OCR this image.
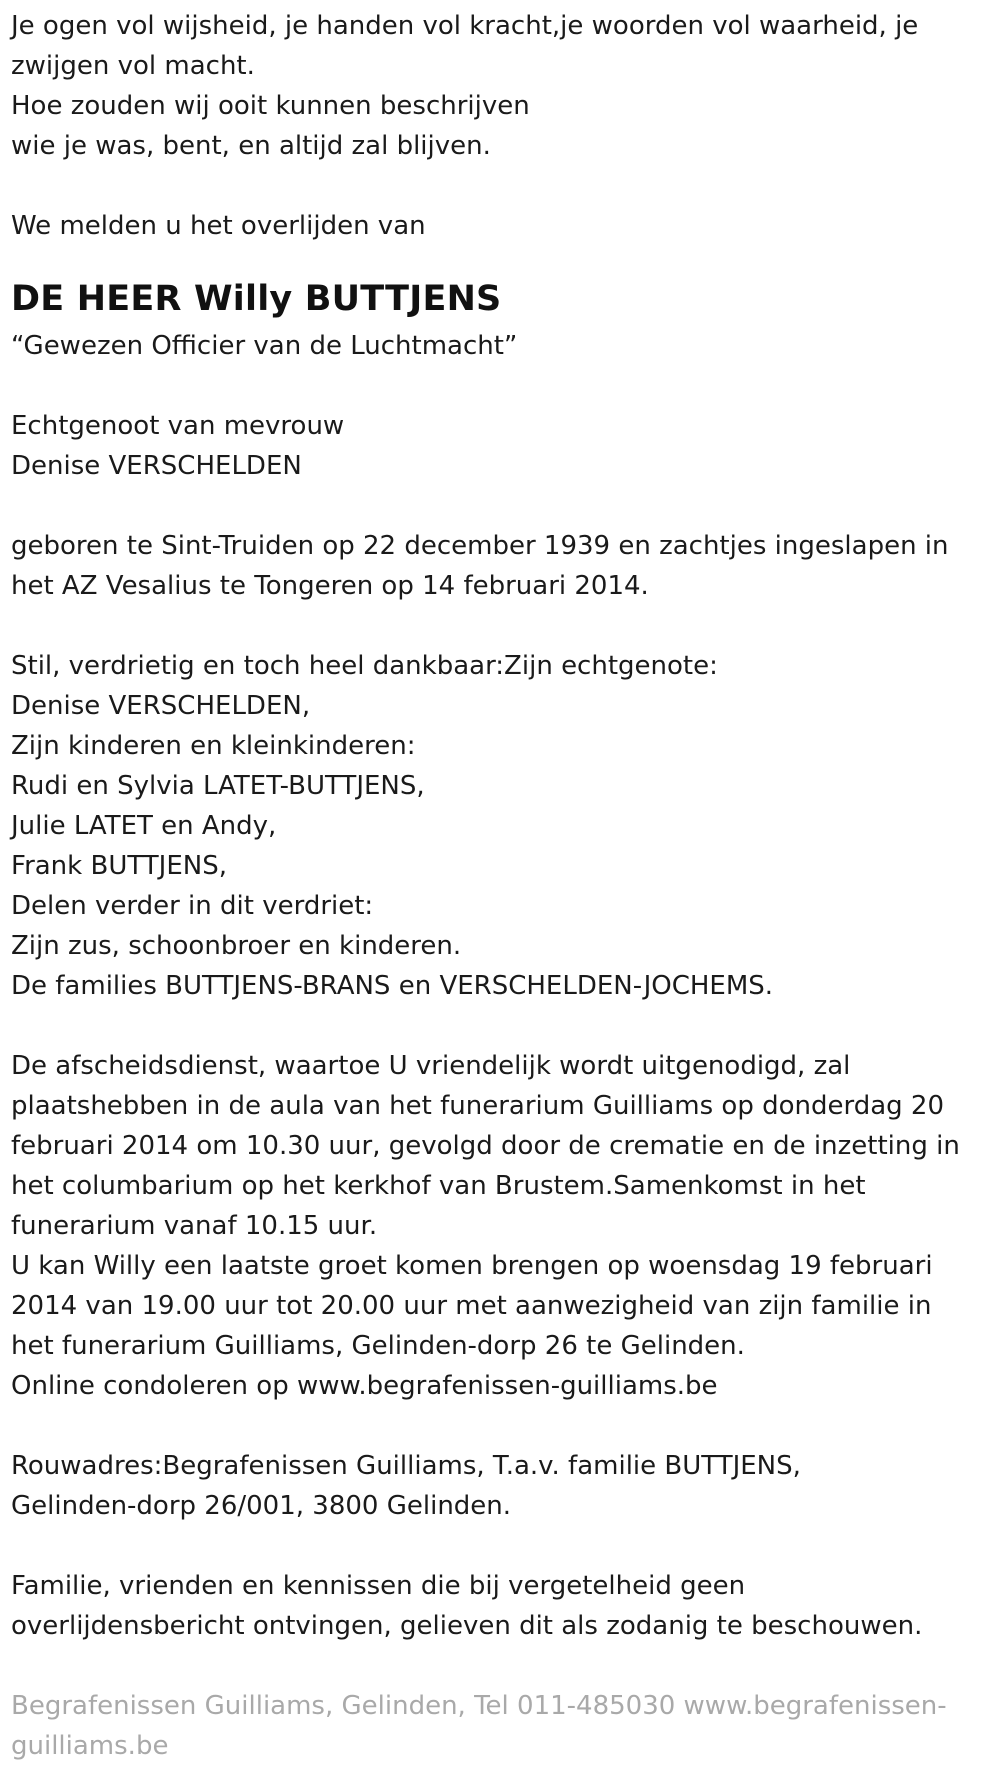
Je ogen vol wijsheid, je handen vol kracht,je woorden vol waarheid, je
zwijgen vol macht.
Hoe zouden wij ooit kunnen beschrijven
wie je was, bent, en altijd zal blijven.
We melden u het overlijden van
DE HEER Willy BUTTJENS
“Gewezen Officier van de Luchtmacht”
Echtgenoot van mevrouw
Denise VERSCHELDEN
geboren te Sint-Truiden op 22 december 1939 en zachtjes ingeslapen in
het AZ Vesalius te Tongeren op 14 februari 2014.
Stil, verdrietig en toch heel dankbaar:Zijn echtgenote:
Denise VERSCHELDEN,
Zijn kinderen en kleinkinderen:
Rudi en Sylvia LATET-BUTTJENS,
Julie LATET en Andy,
Frank BUTTJENS,
Delen verder in dit verdriet:
Zijn zus, schoonbroer en kinderen.
De families BUTTJENS-BRANS en VERSCHELDEN-JOCHEMS.
De afscheidsdienst, waartoe U vriendelijk wordt uitgenodigd, zal
plaatshebben in de aula van het funerarium Guilliams op donderdag 20
februari 2014 om 10.30 uur, gevolgd door de crematie en de inzetting in
het columbarium op het kerkhof van Brustem.Samenkomst in het
funerarium vanaf 10.15 uur.
U kan Willy een laatste groet komen brengen op woensdag 19 februari
2014 van 19.00 uur tot 20.00 uur met aanwezigheid van zijn familie in
het funerarium Guilliams, Gelinden-dorp 26 te Gelinden.
Online condoleren op www.begrafenissen-guilliams.be
Rouwadres:Begrafenissen Guilliams, T.a.v. familie BUTTJENS,
Gelinden-dorp 26/001, 3800 Gelinden.
Familie, vrienden en kennissen die bij vergetelheid geen
overlijdensbericht ontvingen, gelieven dit als zodanig te beschouwen.
Begrafenissen Guilliams, Gelinden, Tel 011-485030 www.begrafenissen-
guilliams.be
